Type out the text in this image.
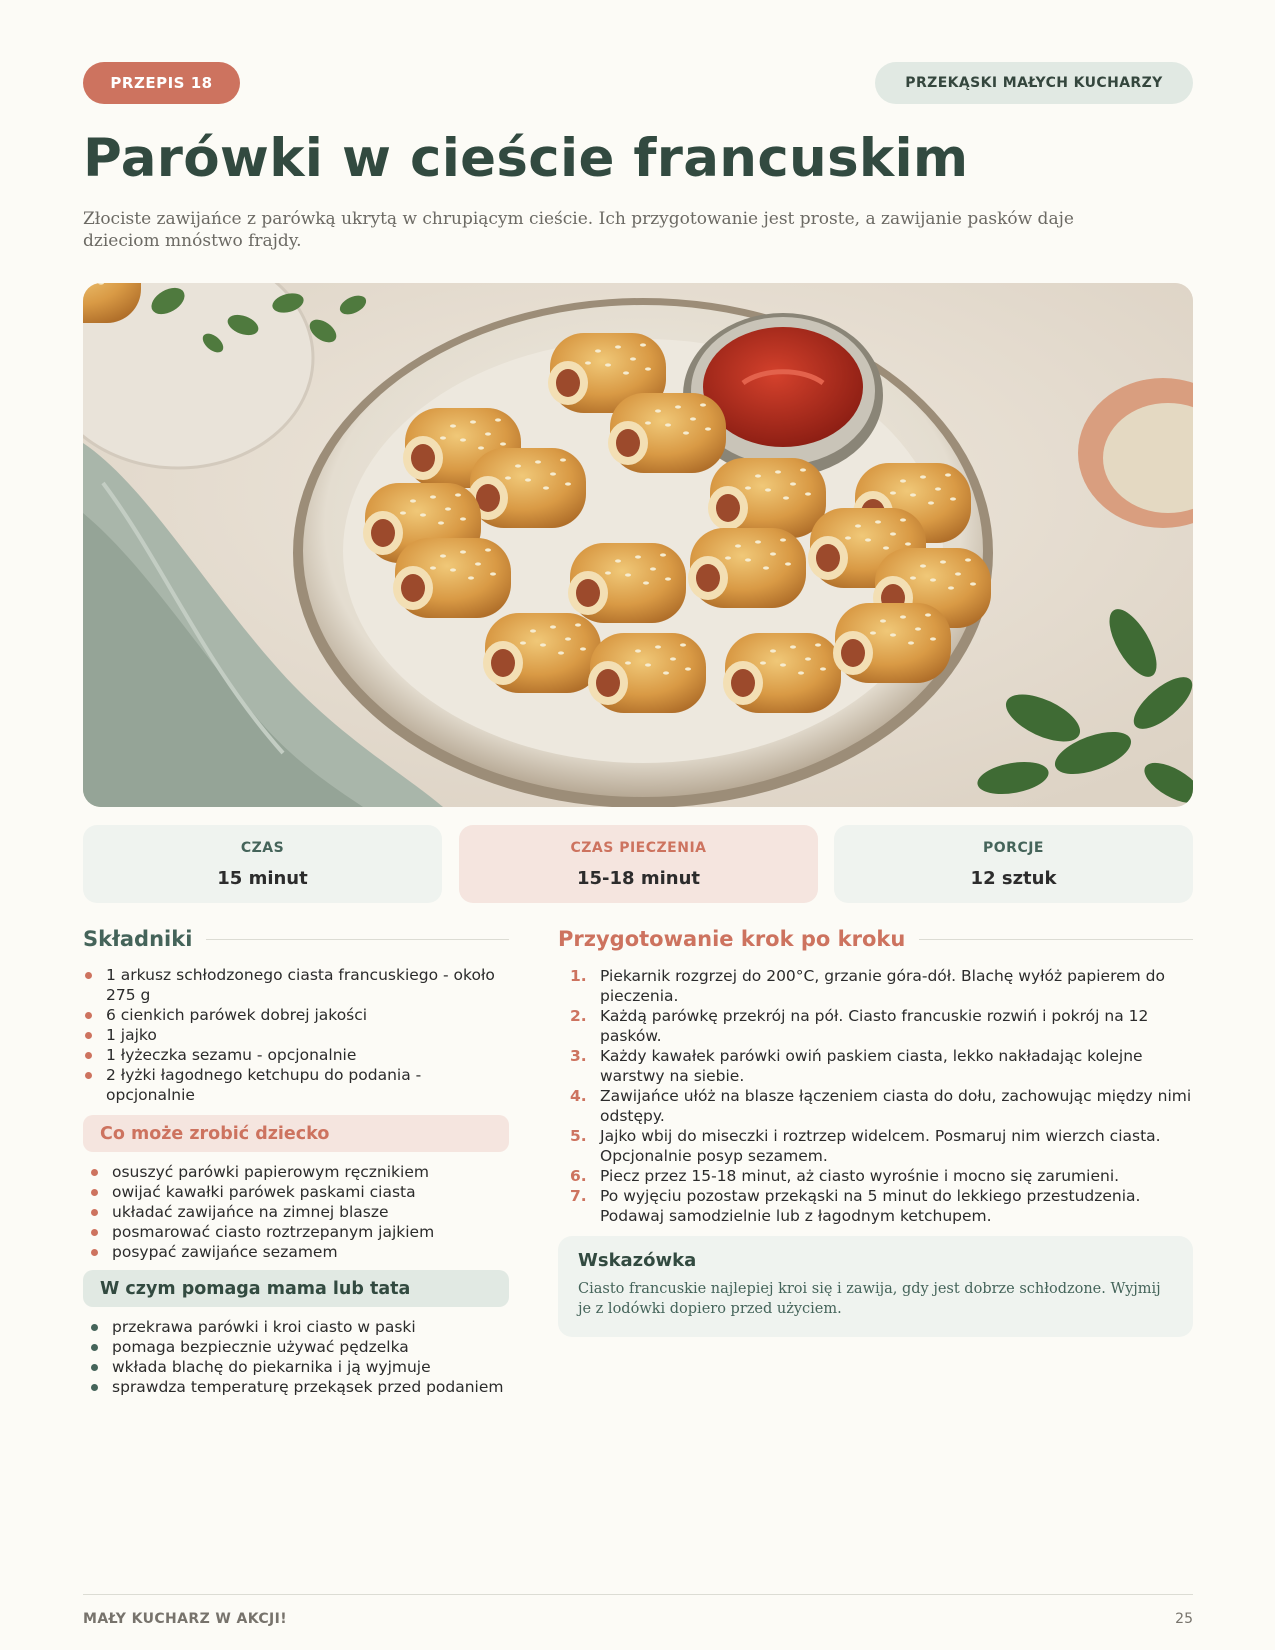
PRZEPIS 18	PRZEKĄSKI MAŁYCH KUCHARZY
Parówki w cieście francuskim

Złociste zawijańce z parówką ukrytą w chrupiącym cieście. Ich przygotowanie jest proste, a zawijanie pasków daje dzieciom mnóstwo frajdy.

CZAS
15 minut
CZAS PIECZENIA
15-18 minut
PORCJE
12 sztuk
Składniki
1 arkusz schłodzonego ciasta francuskiego - około 275 g
6 cienkich parówek dobrej jakości
1 jajko
1 łyżeczka sezamu - opcjonalnie
2 łyżki łagodnego ketchupu do podania - opcjonalnie
Co może zrobić dziecko
osuszyć parówki papierowym ręcznikiem
owijać kawałki parówek paskami ciasta
układać zawijańce na zimnej blasze
posmarować ciasto roztrzepanym jajkiem
posypać zawijańce sezamem
W czym pomaga mama lub tata
przekrawa parówki i kroi ciasto w paski
pomaga bezpiecznie używać pędzelka
wkłada blachę do piekarnika i ją wyjmuje
sprawdza temperaturę przekąsek przed podaniem
Przygotowanie krok po kroku
1. Piekarnik rozgrzej do 200°C, grzanie góra-dół. Blachę wyłóż papierem do pieczenia.
2. Każdą parówkę przekrój na pół. Ciasto francuskie rozwiń i pokrój na 12 pasków.
3. Każdy kawałek parówki owiń paskiem ciasta, lekko nakładając kolejne warstwy na siebie.
4. Zawijańce ułóż na blasze łączeniem ciasta do dołu, zachowując między nimi odstępy.
5. Jajko wbij do miseczki i roztrzep widelcem. Posmaruj nim wierzch ciasta. Opcjonalnie posyp sezamem.
6. Piecz przez 15-18 minut, aż ciasto wyrośnie i mocno się zarumieni.
7. Po wyjęciu pozostaw przekąski na 5 minut do lekkiego przestudzenia. Podawaj samodzielnie lub z łagodnym ketchupem.
Wskazówka

Ciasto francuskie najlepiej kroi się i zawija, gdy jest dobrze schłodzone. Wyjmij je z lodówki dopiero przed użyciem.

MAŁY KUCHARZ W AKCJI!	25
